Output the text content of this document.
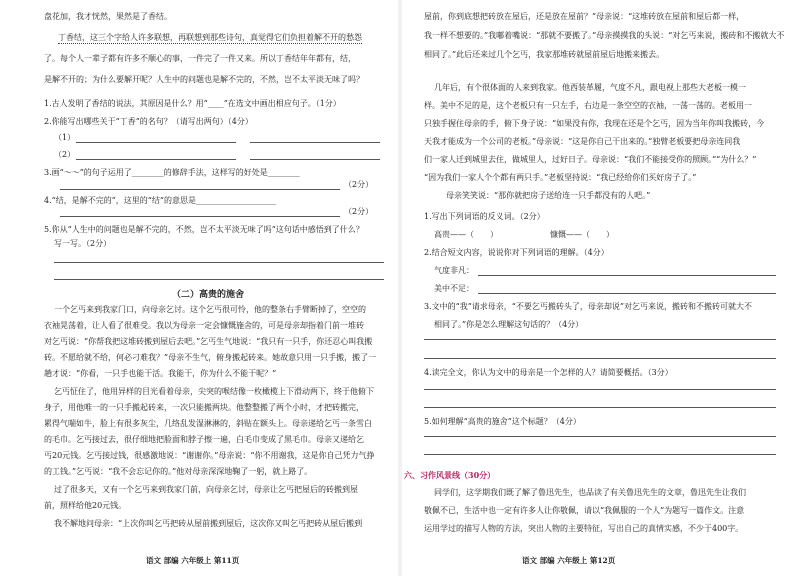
盘花加，我才恍然，果然是了香结。
丁香结，这三个字给人许多联想，再联想到那些诗句，真觉得它们负担着解不开的愁怨
了。每个人一辈子都有许多不顺心的事，一件完了一件又来。所以丁香结年年都有，结，
是解不开的；为什么要解开呢？人生中的问题也是解不完的，不然，岂不太平淡无味了吗？
1.古人发明了香结的说法，其原因是什么？用“____”在选文中画出相应句子。（1分）
2.你能写出哪些关于“丁香”的名句？（请写出两句）（4分）
（1）
（2）
3.画“～～”的句子运用了________的修辞手法，这样写的好处是________
（2分）
4.“结，是解不完的”，这里的“结”的意思是____________________
（2分）
5.你从“人生中的问题也是解不完的，不然，岂不太平淡无味了吗”这句话中感悟到了什么？
写一写。（2分）
（二）高贵的施舍
一个乞丐来到我家门口，向母亲乞讨。这个乞丐很可怜，他的整条右手臂断掉了，空空的
衣袖晃荡着，让人看了很难受。我以为母亲一定会慷慨施舍的，可是母亲却指着门前一堆砖
对乞丐说：“你帮我把这堆砖搬到屋后去吧。”乞丐生气地说：“我只有一只手，你还忍心叫我搬
砖。不愿给就不给，何必刁难我？”母亲不生气，俯身搬起砖来。她故意只用一只手搬，搬了一
趟才说：“你看，一只手也能干活。我能干，你为什么不能干呢？”
乞丐怔住了，他用异样的目光看着母亲，尖突的喉结像一枚橄榄上下滑动两下，终于他俯下
身子，用他唯一的一只手搬起砖来，一次只能搬两块。他整整搬了两个小时，才把砖搬完，
累得气喘如牛，脸上有很多灰尘，几络乱发湿淋淋的，斜贴在额头上。母亲递给乞丐一条雪白
的毛巾。乞丐接过去，很仔细地把脸面和脖子擦一遍，白毛巾变成了黑毛巾。母亲又递给乞
丐20元钱。乞丐接过钱，很感激地说：“谢谢你。”母亲说：“你不用谢我，这是你自己凭力气挣
的工钱。”乞丐说：“我不会忘记你的。”他对母亲深深地鞠了一躬，就上路了。
过了很多天，又有一个乞丐来到我家门前，向母亲乞讨，母亲让乞丐把屋后的砖搬到屋
前，照样给他20元钱。
我不解地问母亲：“上次你叫乞丐把砖从屋前搬到屋后，这次你又叫乞丐把砖从屋后搬到
语文 部编 六年级上 第11页
屋前，你到底想把砖放在屋后，还是放在屋前？”母亲说：“这堆砖放在屋前和屋后都一样，
我一样不想要的。”我嘟着嘴说：“那就不要搬了。”母亲摸摸我的头说：“对乞丐来说，搬砖和不搬就大不
相同了。”此后还来过几个乞丐，我家那堆砖就屋前屋后地搬来搬去。
几年后，有个很体面的人来到我家。他西装革履，气度不凡，跟电视上那些大老板一模一
样。美中不足的是，这个老板只有一只左手，右边是一条空空的衣袖，一荡一荡的。老板用一
只独手握住母亲的手，俯下身子说：“如果没有你，我现在还是个乞丐，因为当年你叫我搬砖，今
天我才能成为一个公司的老板。”母亲说：“这是你自己干出来的。”独臂老板要把母亲连同我
们一家人迁到城里去住，做城里人，过好日子。母亲说：“我们不能接受你的照顾。”“为什么？”
“因为我们一家人个个都有两只手。”老板坚持说：“我已经给你们买好房子了。”
母亲笑笑说：“那你就把房子送给连一只手都没有的人吧。”
1.写出下列词语的反义词。（2分）
高贵——（　　）	慷慨——（　　）
2.结合短文内容，说说你对下列词语的理解。（4分）
气度非凡：
美中不足：
3.文中的“我”请求母亲，“不要乞丐搬砖头了，母亲却说”对乞丐来说，搬砖和不搬砖可就大不
相同了。”你是怎么理解这句话的？（4分）
4.读完全文，你认为文中的母亲是一个怎样的人？请简要概括。（3分）
5.如何理解“高贵的施舍”这个标题？（4分）
六、习作风景线（30分）
同学们，这学期我们既了解了鲁迅先生，也品读了有关鲁迅先生的文章，鲁迅先生让我们
敬佩不已，生活中也一定有许多人让你敬佩，请以“我佩服的一个人”为题写一篇作文。注意
运用学过的描写人物的方法，突出人物的主要特征，写出自己的真情实感，不少于400字。
语文 部编 六年级上 第12页
